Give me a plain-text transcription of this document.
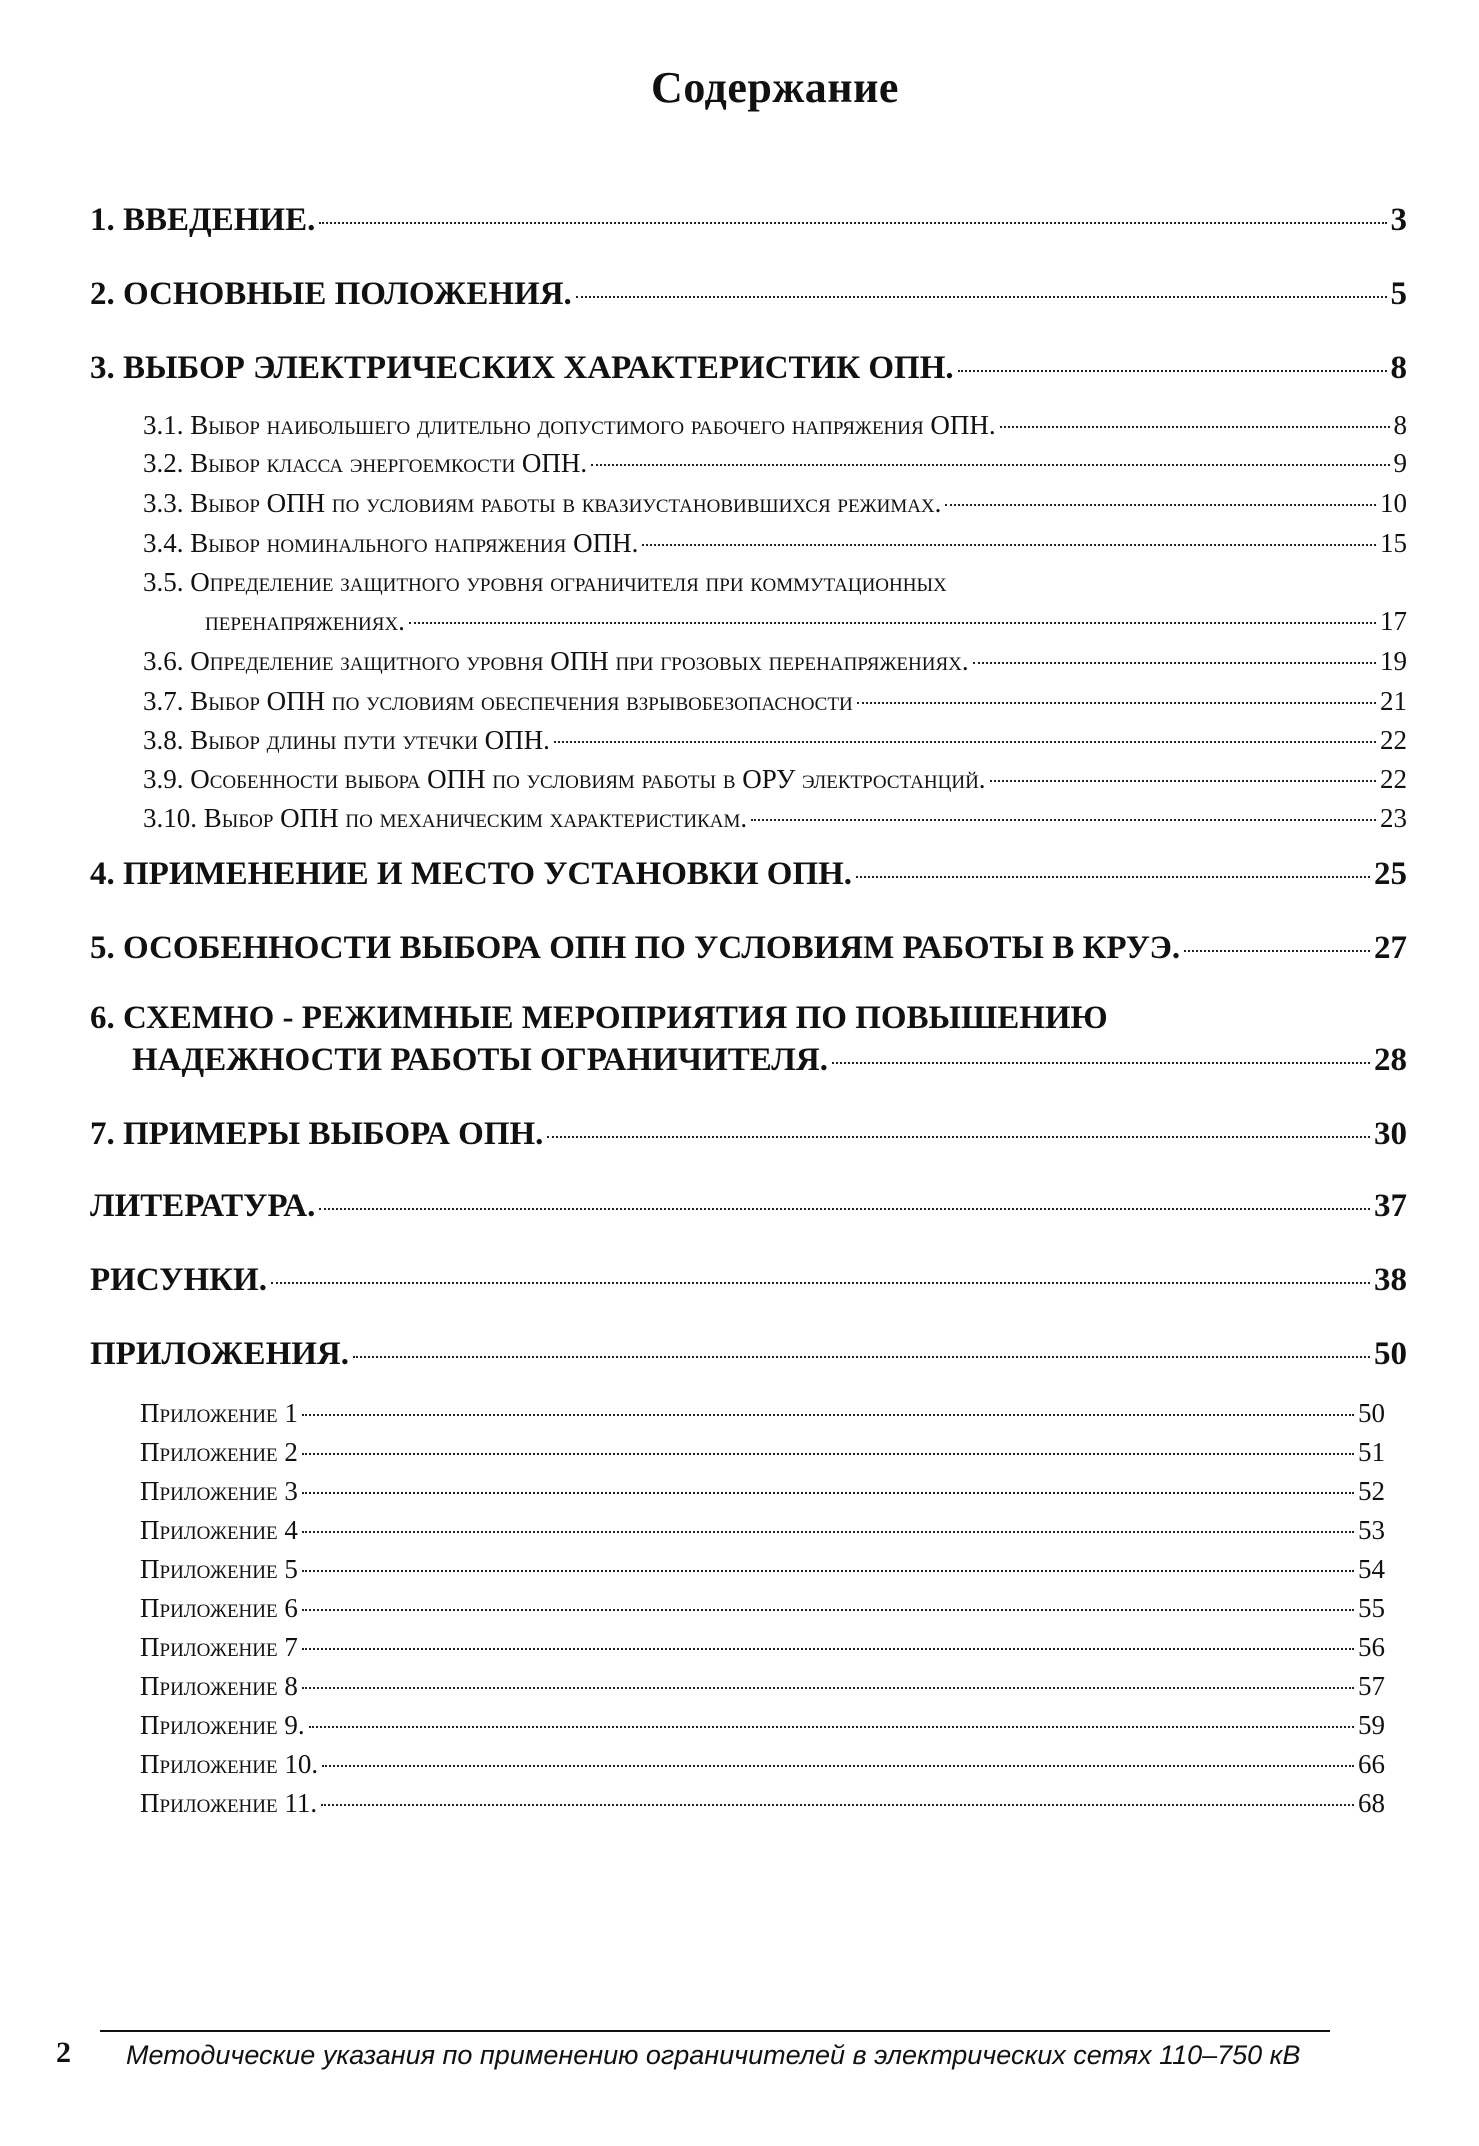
Содержание
1. ВВЕДЕНИЕ.	3
2. ОСНОВНЫЕ ПОЛОЖЕНИЯ.	5
3. ВЫБОР ЭЛЕКТРИЧЕСКИХ ХАРАКТЕРИСТИК ОПН.	8
3.1. Выбор наибольшего длительно допустимого рабочего напряжения ОПН.	8
3.2. Выбор класса энергоемкости ОПН.	9
3.3. Выбор ОПН по условиям работы в квазиустановившихся режимах.	10
3.4. Выбор номинального напряжения ОПН.	15
3.5. Определение защитного уровня ограничителя при коммутационных
перенапряжениях.	17
3.6. Определение защитного уровня ОПН при грозовых перенапряжениях.	19
3.7. Выбор ОПН по условиям обеспечения взрывобезопасности	21
3.8. Выбор длины пути утечки ОПН.	22
3.9. Особенности выбора ОПН по условиям работы в ОРУ электростанций.	22
3.10. Выбор ОПН по механическим характеристикам.	23
4. ПРИМЕНЕНИЕ И МЕСТО УСТАНОВКИ ОПН.	25
5. ОСОБЕННОСТИ ВЫБОРА ОПН ПО УСЛОВИЯМ РАБОТЫ В КРУЭ.	27
6. СХЕМНО - РЕЖИМНЫЕ МЕРОПРИЯТИЯ ПО ПОВЫШЕНИЮ
НАДЕЖНОСТИ РАБОТЫ ОГРАНИЧИТЕЛЯ.	28
7. ПРИМЕРЫ ВЫБОРА ОПН.	30
ЛИТЕРАТУРА.	37
РИСУНКИ.	38
ПРИЛОЖЕНИЯ.	50
Приложение 1	50
Приложение 2	51
Приложение 3	52
Приложение 4	53
Приложение 5	54
Приложение 6	55
Приложение 7	56
Приложение 8	57
Приложение 9.	59
Приложение 10.	66
Приложение 11.	68
2 Методические указания по применению ограничителей в электрических сетях 110–750 кВ
